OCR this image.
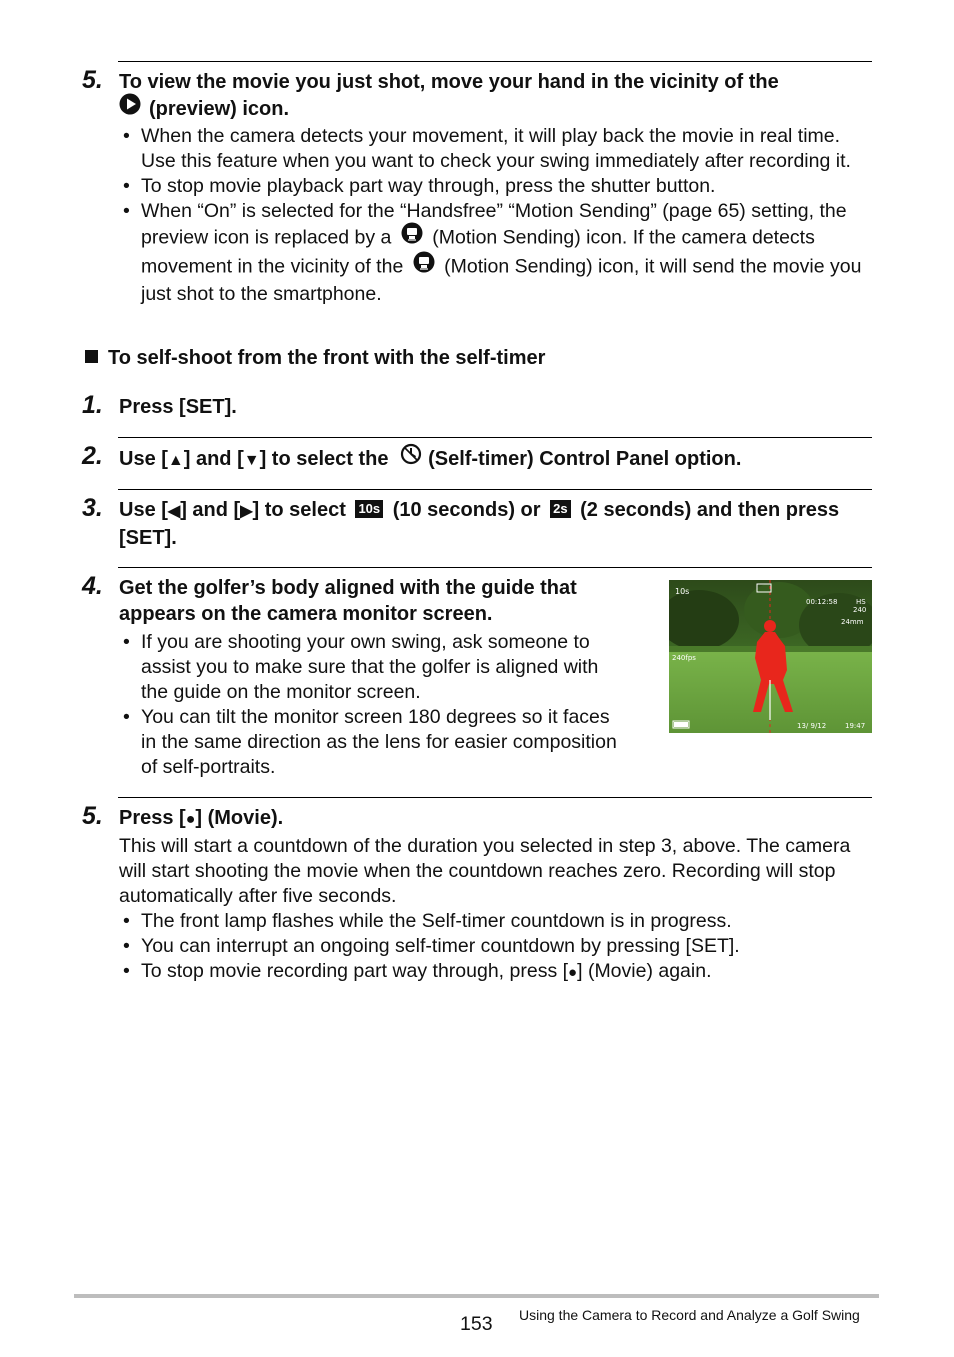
5. To view the movie you just shot, move your hand in the vicinity of the
(preview) icon.
• When the camera detects your movement, it will play back the movie in real time. Use this feature when you want to check your swing immediately after recording it.
• To stop movie playback part way through, press the shutter button.
• When “On” is selected for the “Handsfree” “Motion Sending” (page 65) setting, the preview icon is replaced by a (Motion Sending) icon. If the camera detects movement in the vicinity of the (Motion Sending) icon, it will send the movie you just shot to the smartphone.
To self-shoot from the front with the self-timer
1. Press [SET].
2. Use [▲] and [▼] to select the (Self-timer) Control Panel option.
3. Use [◀] and [▶] to select 10s (10 seconds) or 2s (2 seconds) and then press [SET].
4. Get the golfer’s body aligned with the guide that appears on the camera monitor screen.
• If you are shooting your own swing, ask someone to assist you to make sure that the golfer is aligned with the guide on the monitor screen.
• You can tilt the monitor screen 180 degrees so it faces in the same direction as the lens for easier composition of self-portraits.
10s
00:12:58	HS
240
24mm
240fps
13/ 9/12	19:47
5. Press [●] (Movie).
This will start a countdown of the duration you selected in step 3, above. The camera will start shooting the movie when the countdown reaches zero. Recording will stop automatically after five seconds.
• The front lamp flashes while the Self-timer countdown is in progress.
• You can interrupt an ongoing self-timer countdown by pressing [SET].
• To stop movie recording part way through, press [●] (Movie) again.
153 Using the Camera to Record and Analyze a Golf Swing
